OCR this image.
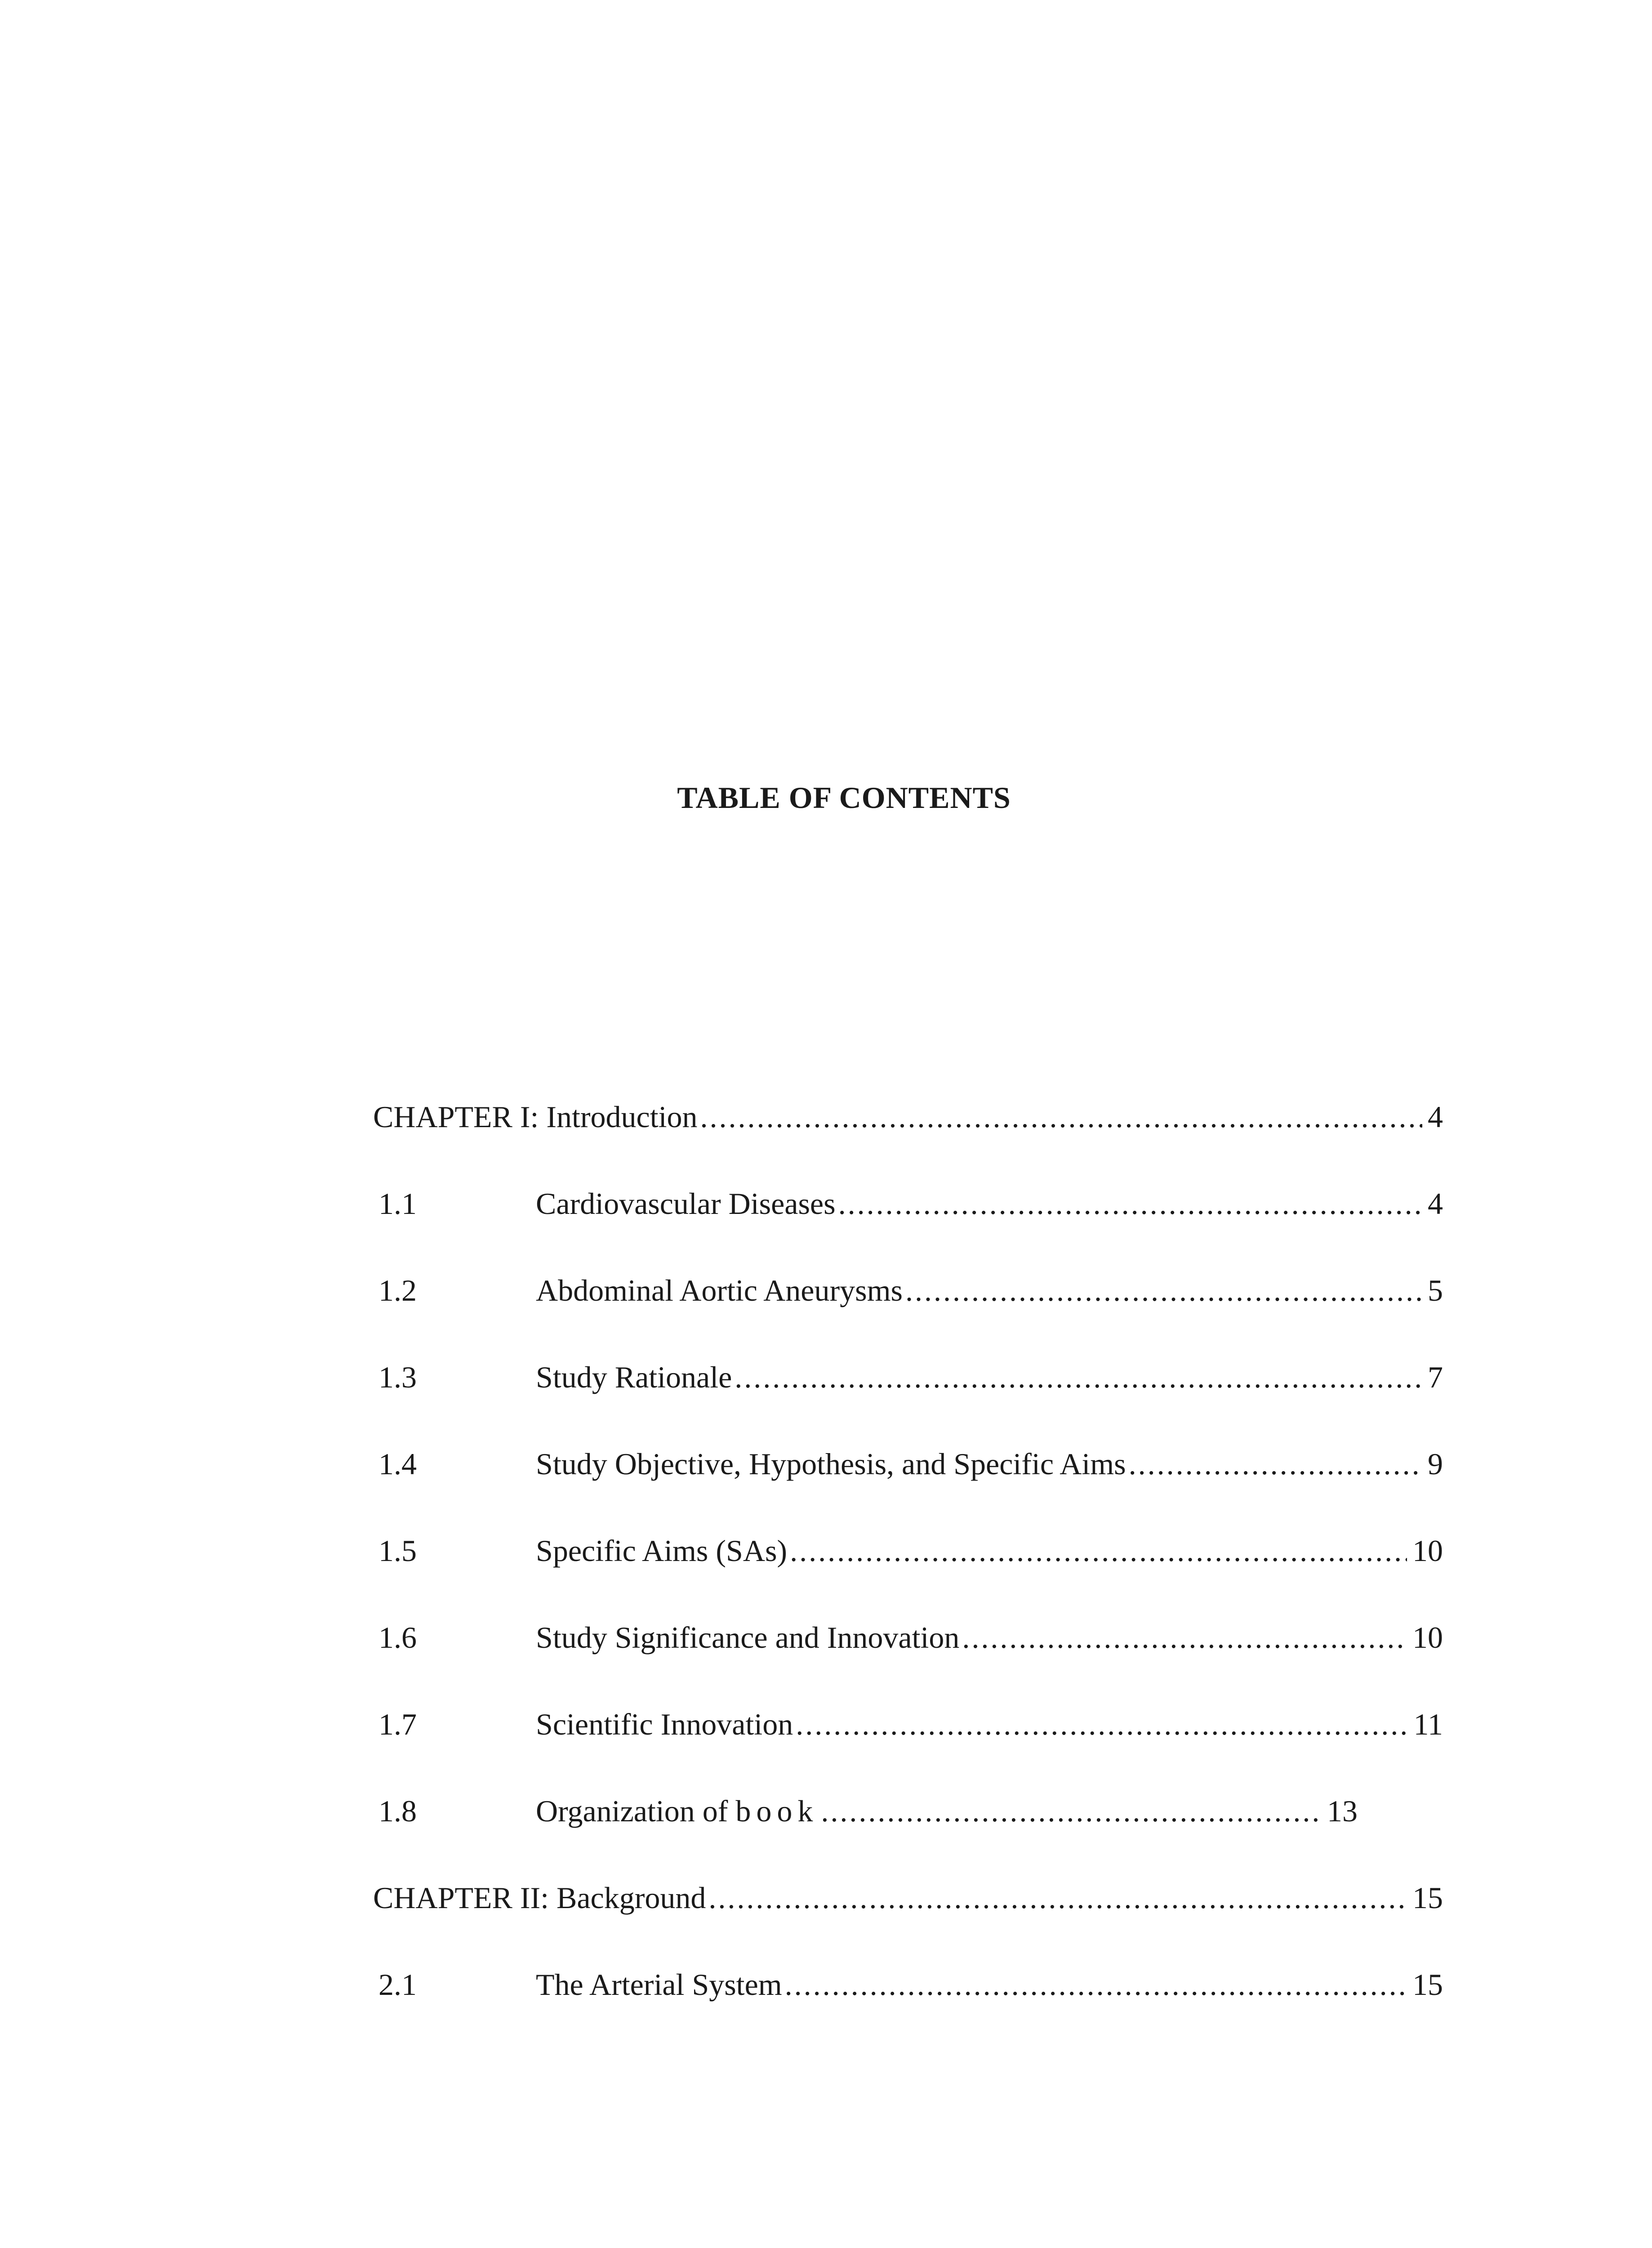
TABLE OF CONTENTS
CHAPTER I: Introduction .....	4
1.1	Cardiovascular Diseases .....	4
1.2	Abdominal Aortic Aneurysms .....	5
1.3	Study Rationale .....	7
1.4	Study Objective, Hypothesis, and Specific Aims .....	9
1.5	Specific Aims (SAs) .....	10
1.6	Study Significance and Innovation .....	10
1.7	Scientific Innovation .....	11
1.8	Organization of book .....	13
CHAPTER II: Background .....	15
2.1	The Arterial System .....	15
